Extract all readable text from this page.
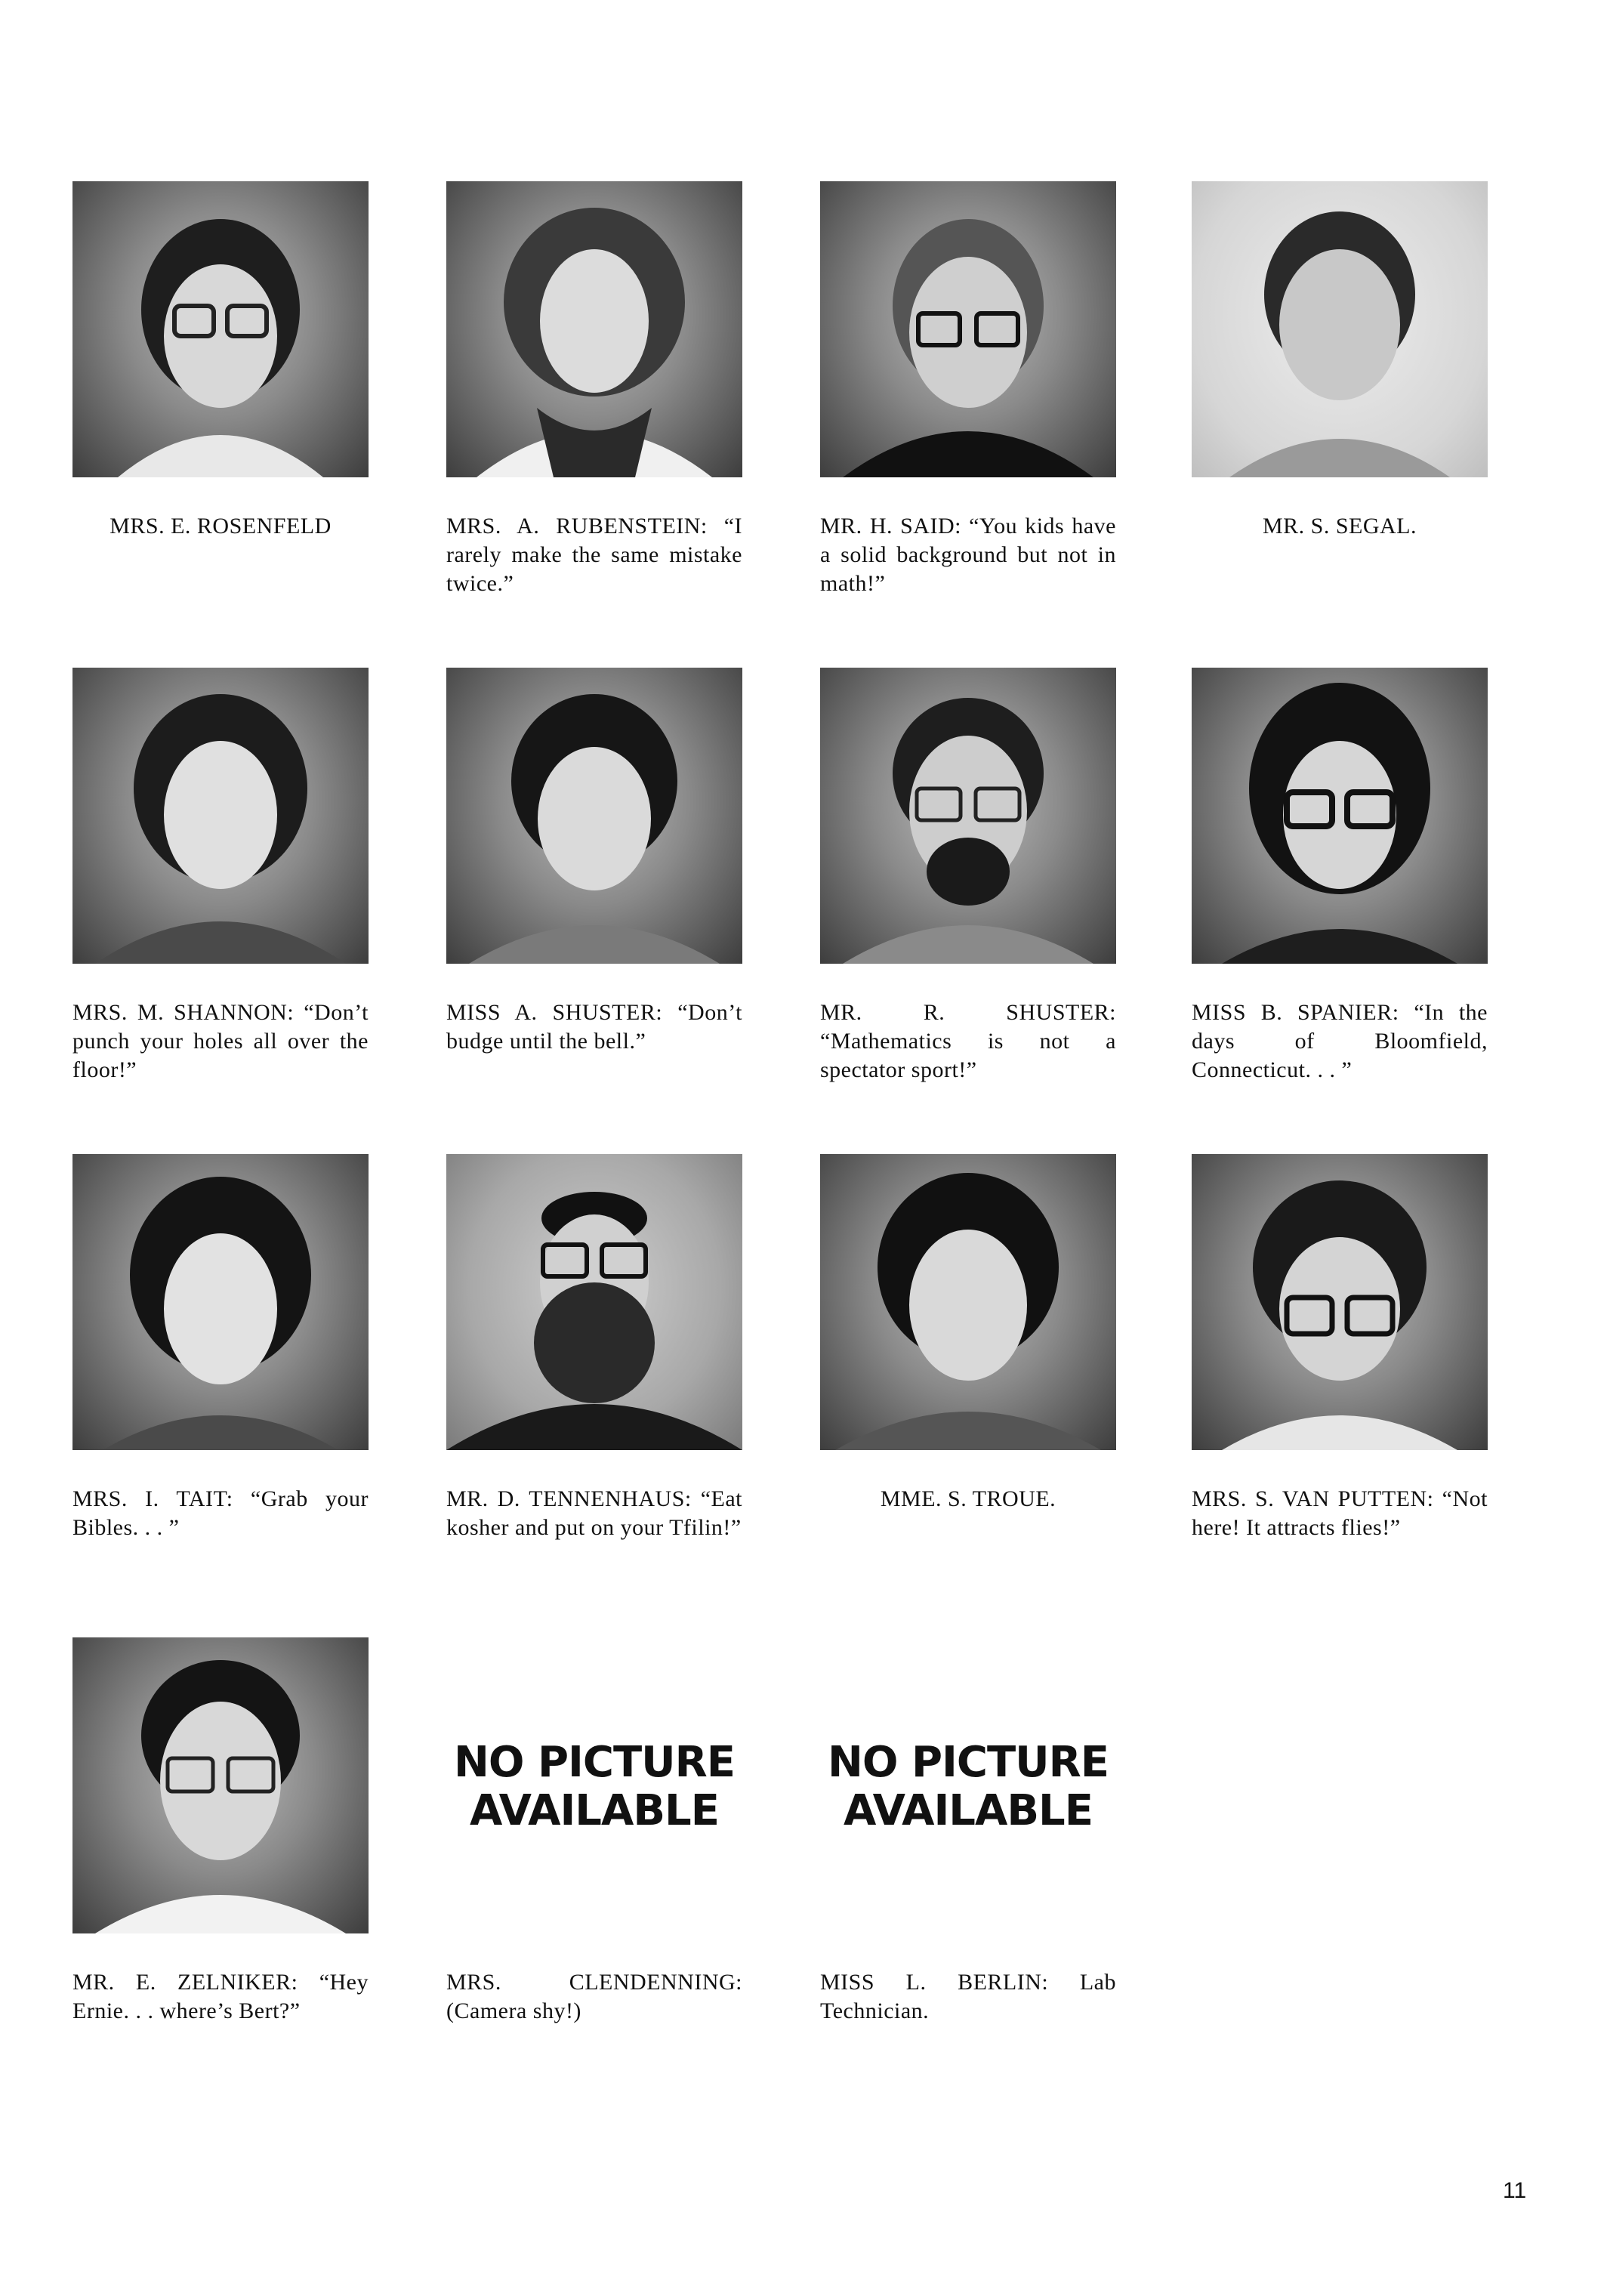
MRS. E. ROSENFELD	MRS. A. RUBENSTEIN: “I rarely make the same mistake twice.”
MR. H. SAID: “You kids have a solid background but not in math!”
MR. S. SEGAL.
MRS. M. SHANNON: “Don’t punch your holes all over the floor!”
MISS A. SHUSTER: “Don’t budge until the bell.”
MR. R. SHUSTER: “Mathematics is not a spectator sport!”
MISS B. SPANIER: “In the days of Bloomfield, Connecticut. . . ”
MRS. I. TAIT: “Grab your Bibles. . . ”
MR. D. TENNENHAUS: “Eat kosher and put on your Tfilin!”
MME. S. TROUE.	MRS. S. VAN PUTTEN: “Not here! It attracts flies!”
MR. E. ZELNIKER: “Hey Ernie. . . where’s Bert?”
NO PICTURE
AVAILABLE
MRS. CLENDENNING: (Camera shy!)
NO PICTURE
AVAILABLE
MISS L. BERLIN: Lab Technician.
11
